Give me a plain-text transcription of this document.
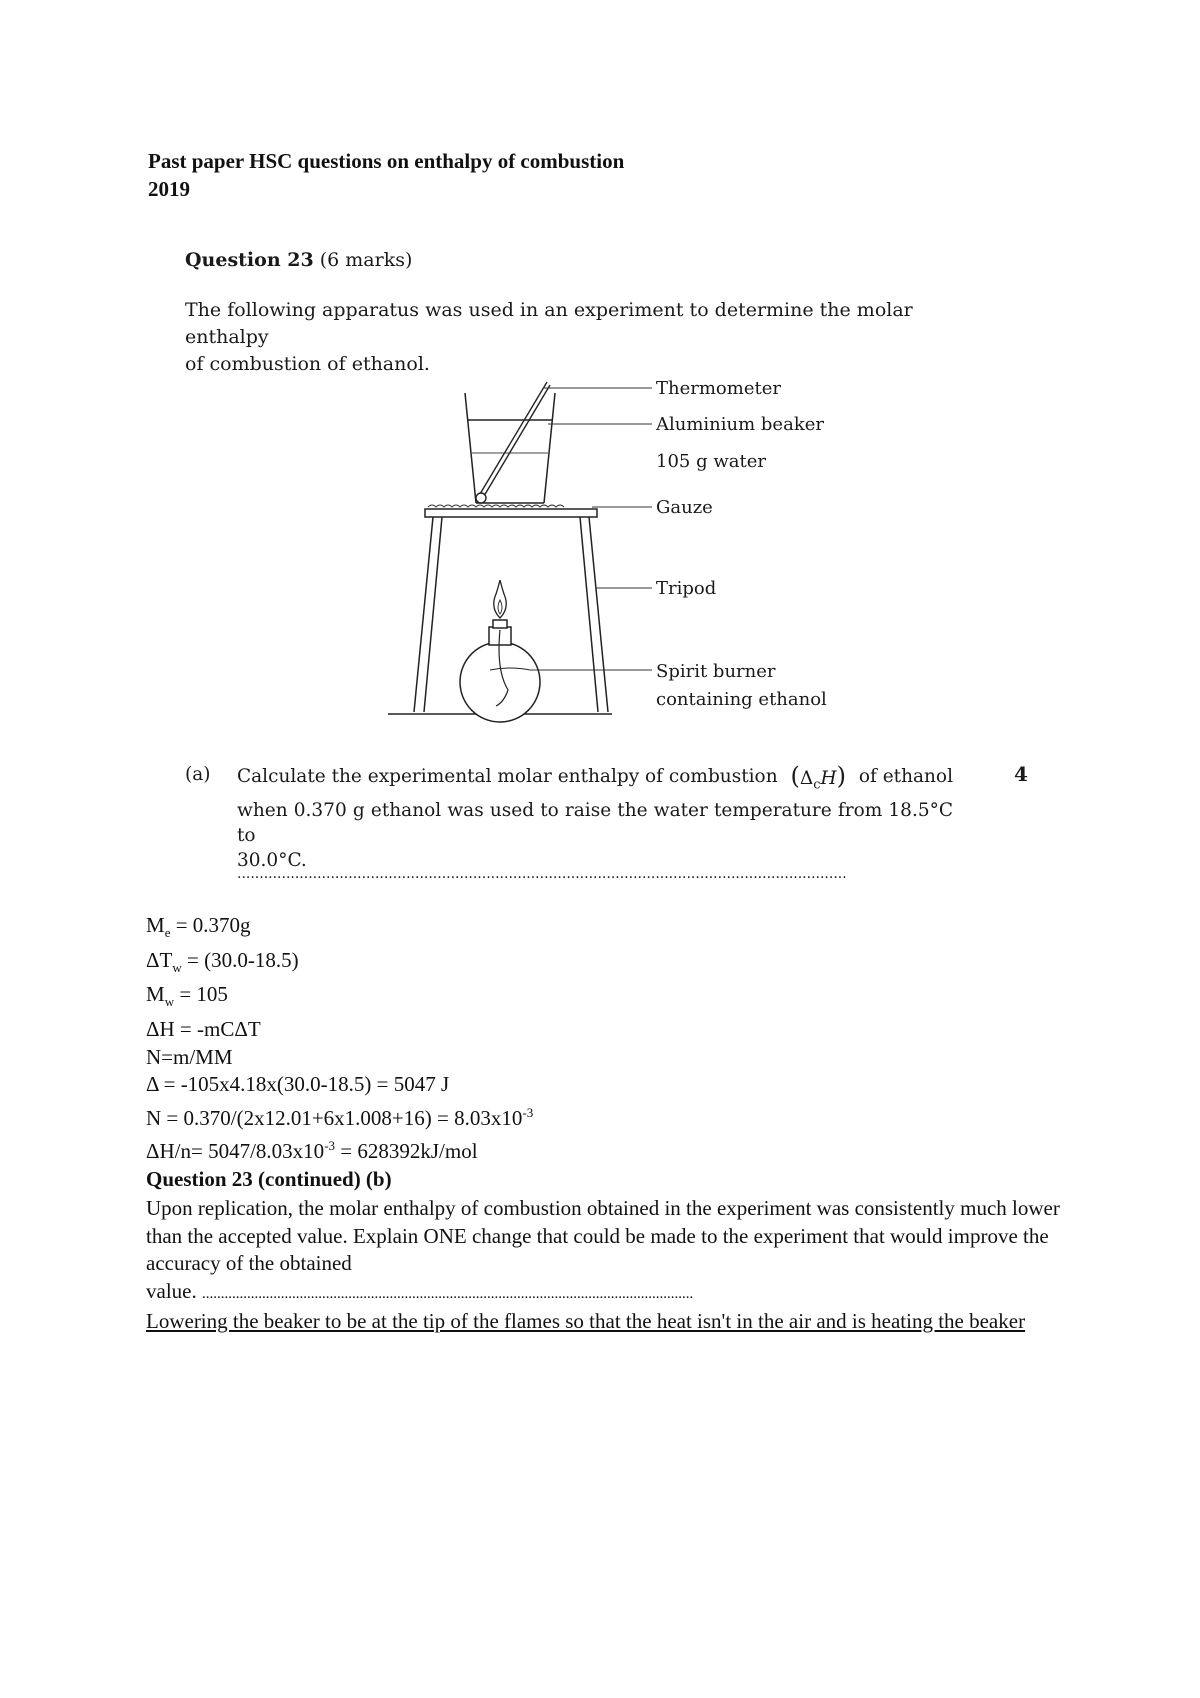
Past paper HSC questions on enthalpy of combustion
2019
Question 23 (6 marks)
The following apparatus was used in an experiment to determine the molar enthalpy
of combustion of ethanol.
Thermometer
Aluminium beaker
105 g water
Gauze
Tripod
Spirit burner
containing ethanol
(a) Calculate the experimental molar enthalpy of combustion $(\Delta_cH)$ of ethanol
when 0.370 g ethanol was used to raise the water temperature from 18.5°C to
30.0°C.
4
.........................................................................................................................................
$M_e = 0.370g$
$\Delta T_w = (30.0-18.5)$
$M_w = 105$
ΔH = -mCΔT
N=m/MM
Δ = -105x4.18x(30.0-18.5) = 5047 J
$N = 0.370/(2x12.01+6x1.008+16) = 8.03x10^{-3}$
$\Delta H/n= 5047/8.03x10^{-3} = 628392kJ/mol$
Question 23 (continued) (b)
Upon replication, the molar enthalpy of combustion obtained in the experiment was consistently much lower than the accepted value. Explain ONE change that could be made to the experiment that would improve the accuracy of the obtained
value. ...................................................................................................................................
Lowering the beaker to be at the tip of the flames so that the heat isn't in the air and is heating the beaker
